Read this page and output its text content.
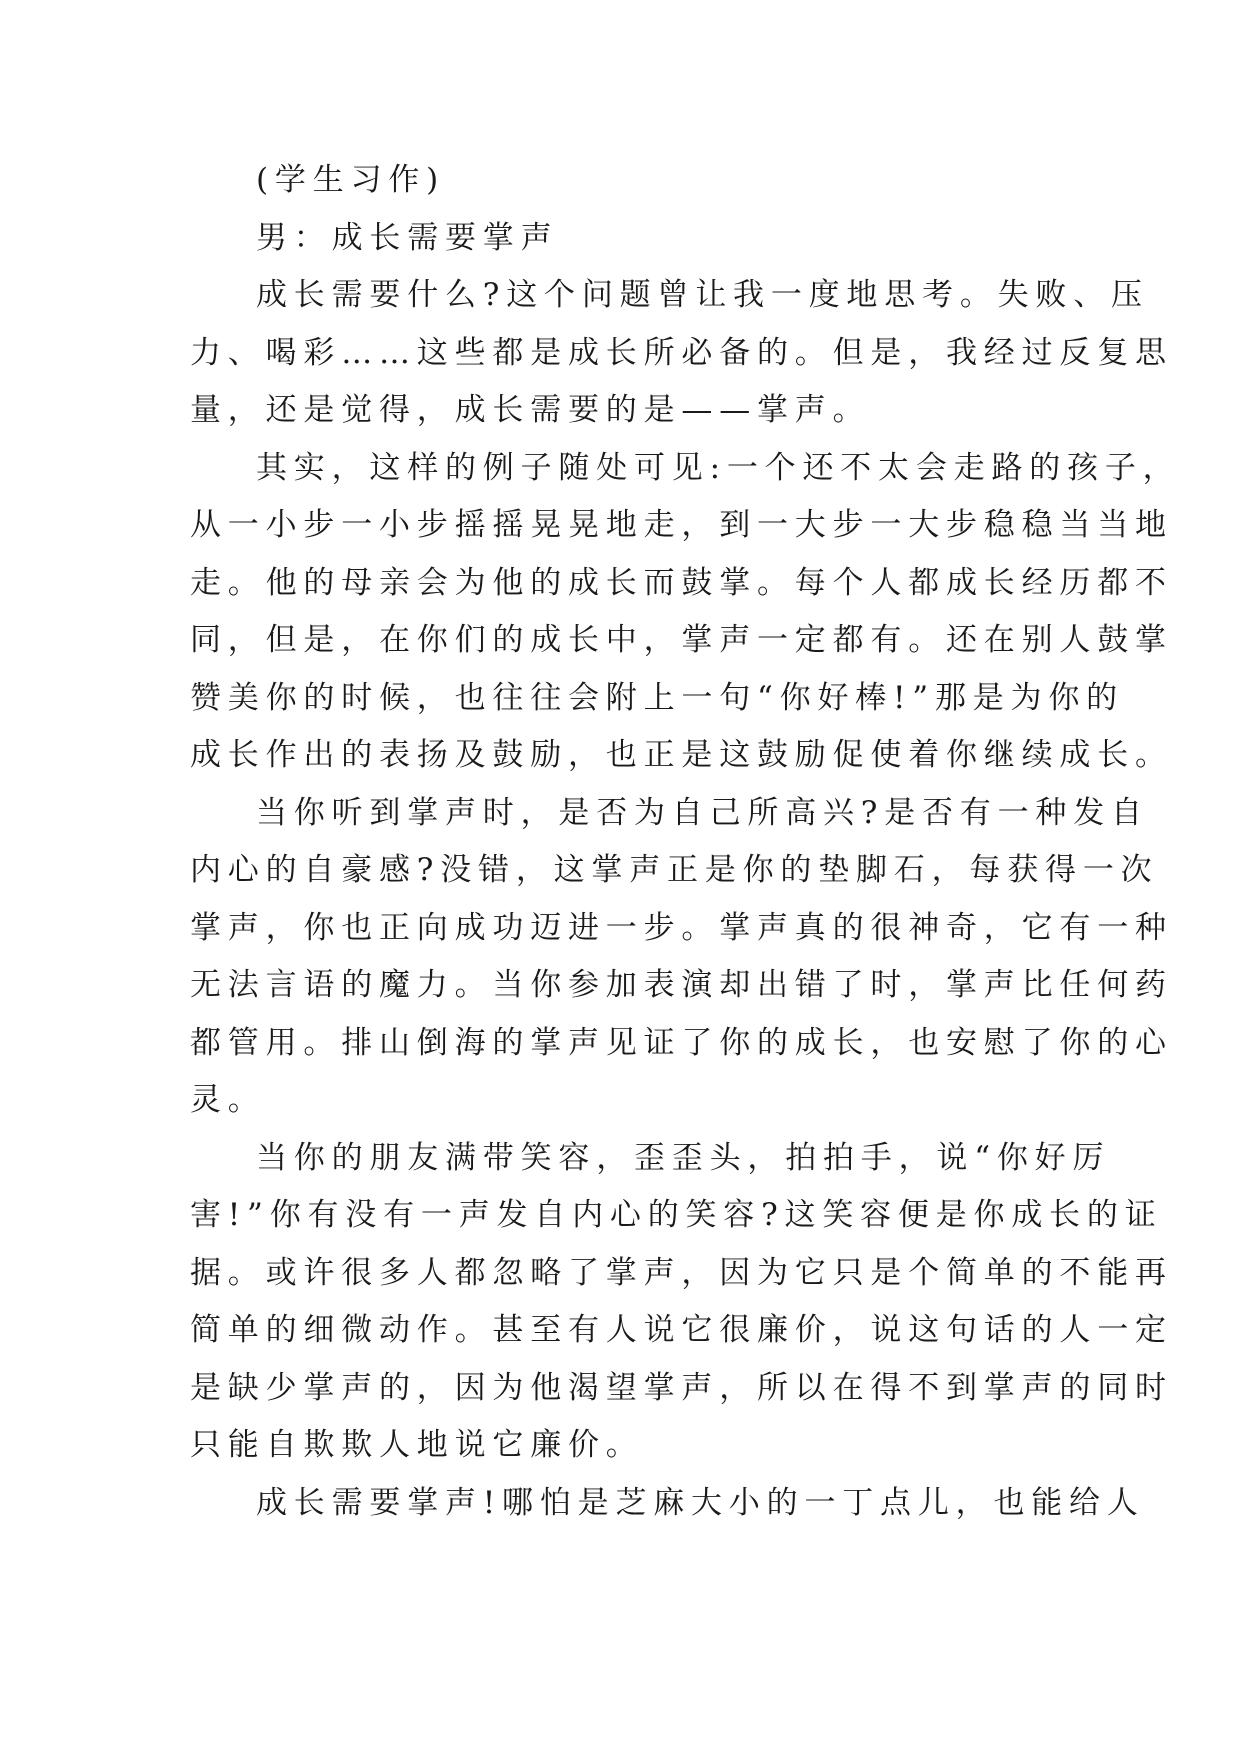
(学生习作)
男：成长需要掌声
成长需要什么?这个问题曾让我一度地思考。失败、压
力、喝彩……这些都是成长所必备的。但是，我经过反复思
量，还是觉得，成长需要的是——掌声。
其实，这样的例子随处可见:一个还不太会走路的孩子，
从一小步一小步摇摇晃晃地走，到一大步一大步稳稳当当地
走。他的母亲会为他的成长而鼓掌。每个人都成长经历都不
同，但是，在你们的成长中，掌声一定都有。还在别人鼓掌
赞美你的时候，也往往会附上一句“你好棒!”那是为你的
成长作出的表扬及鼓励，也正是这鼓励促使着你继续成长。
当你听到掌声时，是否为自己所高兴?是否有一种发自
内心的自豪感?没错，这掌声正是你的垫脚石，每获得一次
掌声，你也正向成功迈进一步。掌声真的很神奇，它有一种
无法言语的魔力。当你参加表演却出错了时，掌声比任何药
都管用。排山倒海的掌声见证了你的成长，也安慰了你的心
灵。
当你的朋友满带笑容，歪歪头，拍拍手，说“你好厉
害!”你有没有一声发自内心的笑容?这笑容便是你成长的证
据。或许很多人都忽略了掌声，因为它只是个简单的不能再
简单的细微动作。甚至有人说它很廉价，说这句话的人一定
是缺少掌声的，因为他渴望掌声，所以在得不到掌声的同时
只能自欺欺人地说它廉价。
成长需要掌声!哪怕是芝麻大小的一丁点儿，也能给人
